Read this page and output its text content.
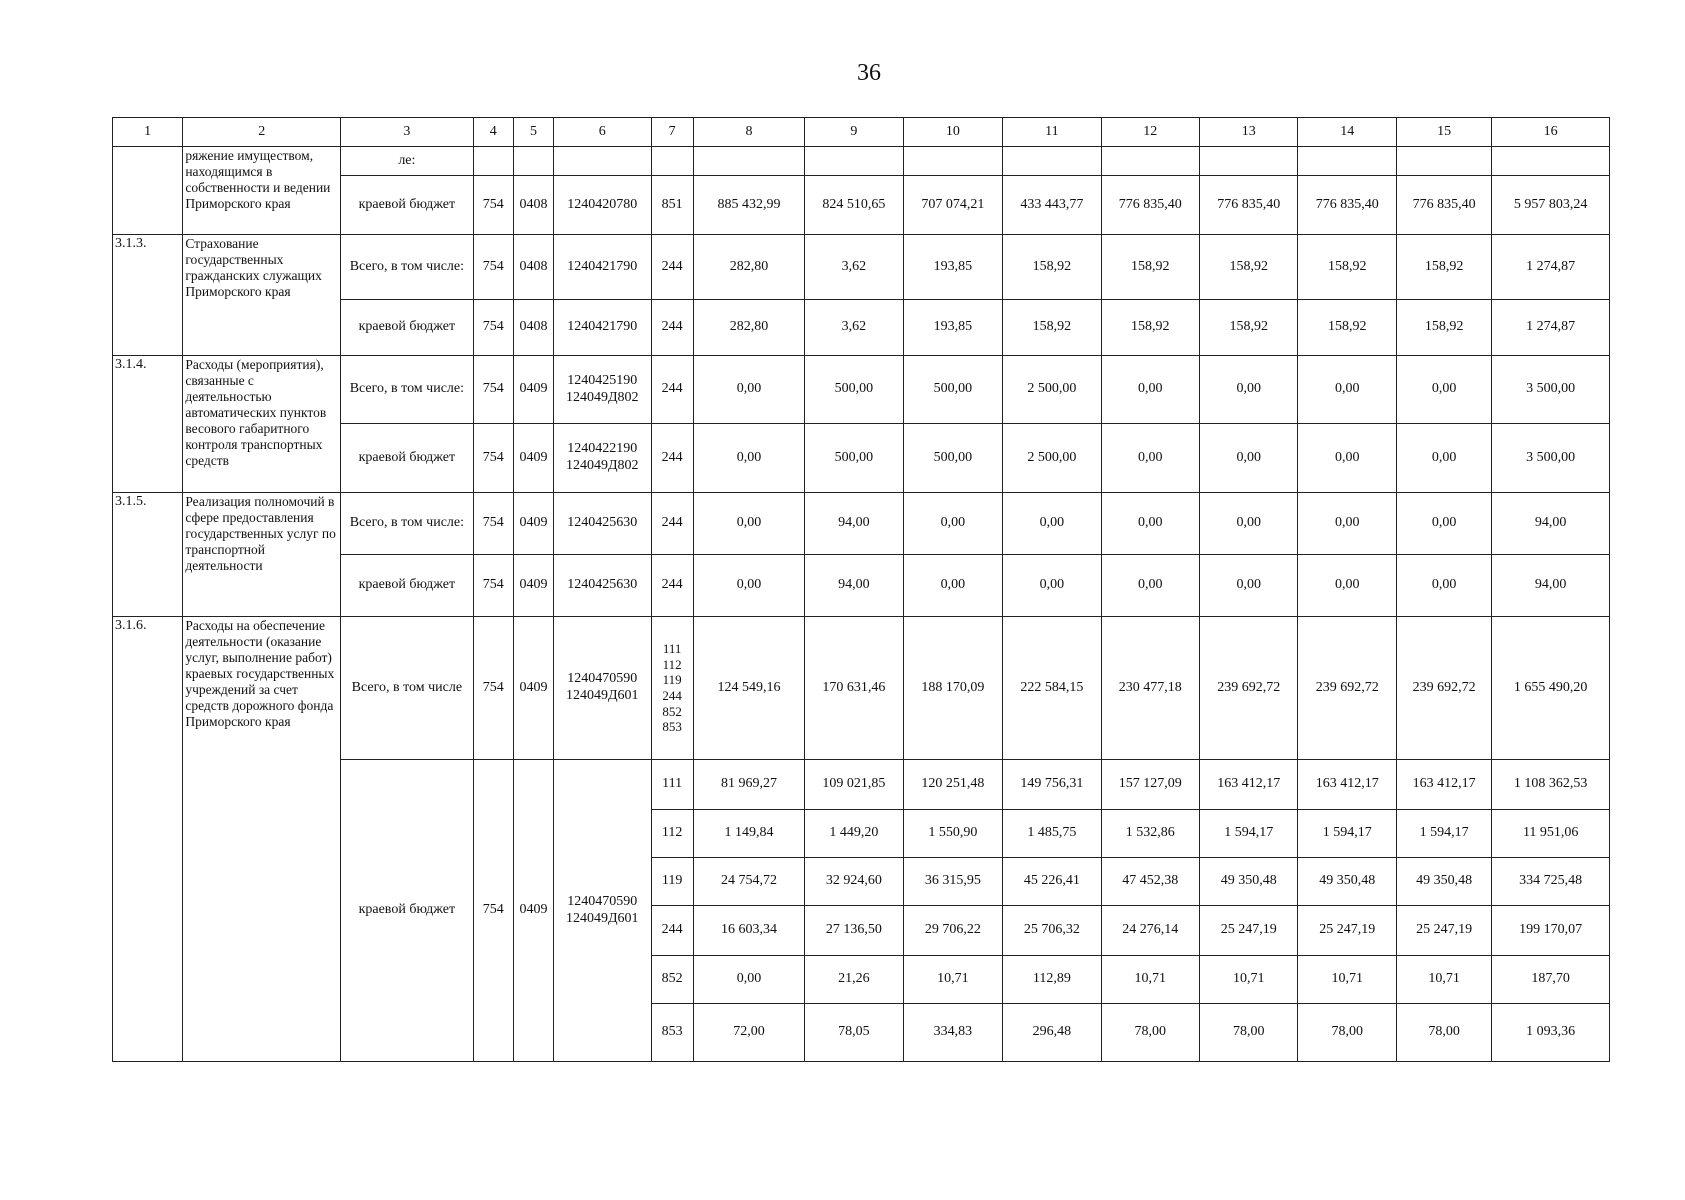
36
1	2	3	4	5	6	7	8	9	10	11	12	13	14	15	16
	ряжение имуществом, находящимся в собственности и ведении Приморского края	ле:													
		краевой бюджет	754	0408	1240420780	851	885 432,99	824 510,65	707 074,21	433 443,77	776 835,40	776 835,40	776 835,40	776 835,40	5 957 803,24
3.1.3.	Страхование государственных гражданских служащих Приморского края	Всего, в том числе:	754	0408	1240421790	244	282,80	3,62	193,85	158,92	158,92	158,92	158,92	158,92	1 274,87
		краевой бюджет	754	0408	1240421790	244	282,80	3,62	193,85	158,92	158,92	158,92	158,92	158,92	1 274,87
3.1.4.	Расходы (мероприятия), связанные с деятельностью автоматических пунктов весового габаритного контроля транспортных средств	Всего, в том числе:	754	0409	1240425190 124049Д802	244	0,00	500,00	500,00	2 500,00	0,00	0,00	0,00	0,00	3 500,00
		краевой бюджет	754	0409	1240422190 124049Д802	244	0,00	500,00	500,00	2 500,00	0,00	0,00	0,00	0,00	3 500,00
3.1.5.	Реализация полномочий в сфере предоставления государственных услуг по транспортной деятельности	Всего, в том числе:	754	0409	1240425630	244	0,00	94,00	0,00	0,00	0,00	0,00	0,00	0,00	94,00
		краевой бюджет	754	0409	1240425630	244	0,00	94,00	0,00	0,00	0,00	0,00	0,00	0,00	94,00
3.1.6.	Расходы на обеспечение деятельности (оказание услуг, выполнение работ) краевых государственных учреждений за счет средств дорожного фонда Приморского края	Всего, в том числе	754	0409	1240470590 124049Д601	111 112 119 244 852 853	124 549,16	170 631,46	188 170,09	222 584,15	230 477,18	239 692,72	239 692,72	239 692,72	1 655 490,20
		краевой бюджет	754	0409	1240470590 124049Д601	111	81 969,27	109 021,85	120 251,48	149 756,31	157 127,09	163 412,17	163 412,17	163 412,17	1 108 362,53
						112	1 149,84	1 449,20	1 550,90	1 485,75	1 532,86	1 594,17	1 594,17	1 594,17	11 951,06
						119	24 754,72	32 924,60	36 315,95	45 226,41	47 452,38	49 350,48	49 350,48	49 350,48	334 725,48
						244	16 603,34	27 136,50	29 706,22	25 706,32	24 276,14	25 247,19	25 247,19	25 247,19	199 170,07
						852	0,00	21,26	10,71	112,89	10,71	10,71	10,71	10,71	187,70
						853	72,00	78,05	334,83	296,48	78,00	78,00	78,00	78,00	1 093,36
